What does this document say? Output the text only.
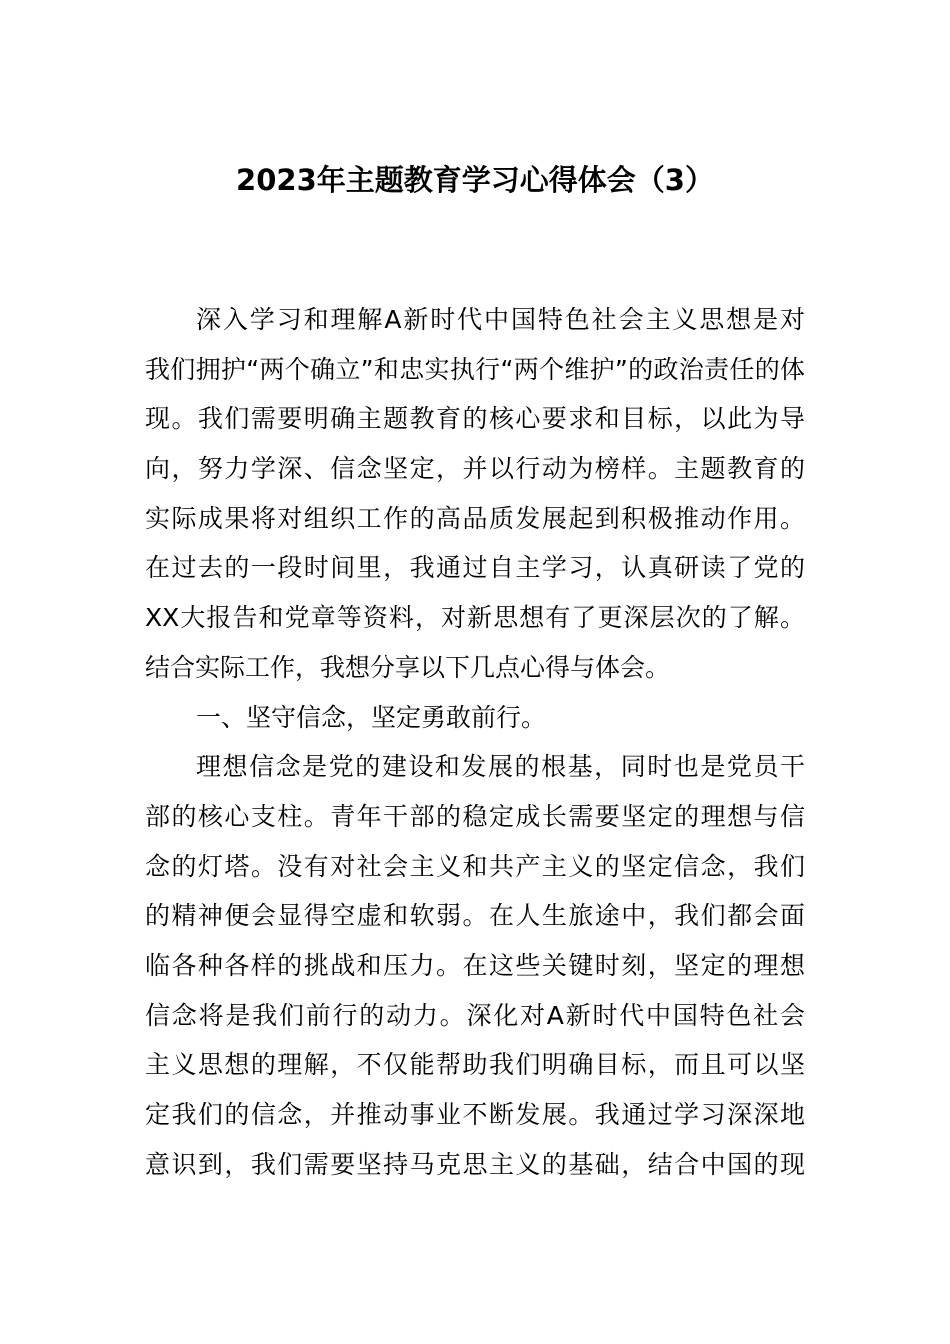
2023年主题教育学习心得体会（3）
深入学习和理解A新时代中国特色社会主义思想是对
我们拥护“两个确立”和忠实执行“两个维护”的政治责任的体
现。我们需要明确主题教育的核心要求和目标，以此为导
向，努力学深、信念坚定，并以行动为榜样。主题教育的
实际成果将对组织工作的高品质发展起到积极推动作用。
在过去的一段时间里，我通过自主学习，认真研读了党的
XX大报告和党章等资料，对新思想有了更深层次的了解。
结合实际工作，我想分享以下几点心得与体会。
一、坚守信念，坚定勇敢前行。
理想信念是党的建设和发展的根基，同时也是党员干
部的核心支柱。青年干部的稳定成长需要坚定的理想与信
念的灯塔。没有对社会主义和共产主义的坚定信念，我们
的精神便会显得空虚和软弱。在人生旅途中，我们都会面
临各种各样的挑战和压力。在这些关键时刻，坚定的理想
信念将是我们前行的动力。深化对A新时代中国特色社会
主义思想的理解，不仅能帮助我们明确目标，而且可以坚
定我们的信念，并推动事业不断发展。我通过学习深深地
意识到，我们需要坚持马克思主义的基础，结合中国的现
